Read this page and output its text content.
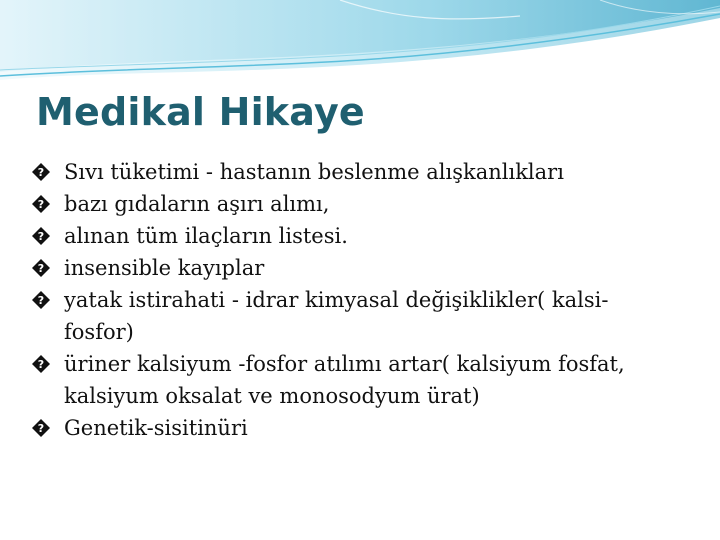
Medikal Hikaye
? Sıvı tüketimi - hastanın beslenme alışkanlıkları
? bazı gıdaların aşırı alımı,
? alınan tüm ilaçların listesi.
? insensible kayıplar
? yatak istirahati - idrar kimyasal değişiklikler( kalsi-fosfor)
? üriner kalsiyum -fosfor atılımı artar( kalsiyum fosfat, kalsiyum oksalat ve monosodyum ürat)
? Genetik-sisitinüri
